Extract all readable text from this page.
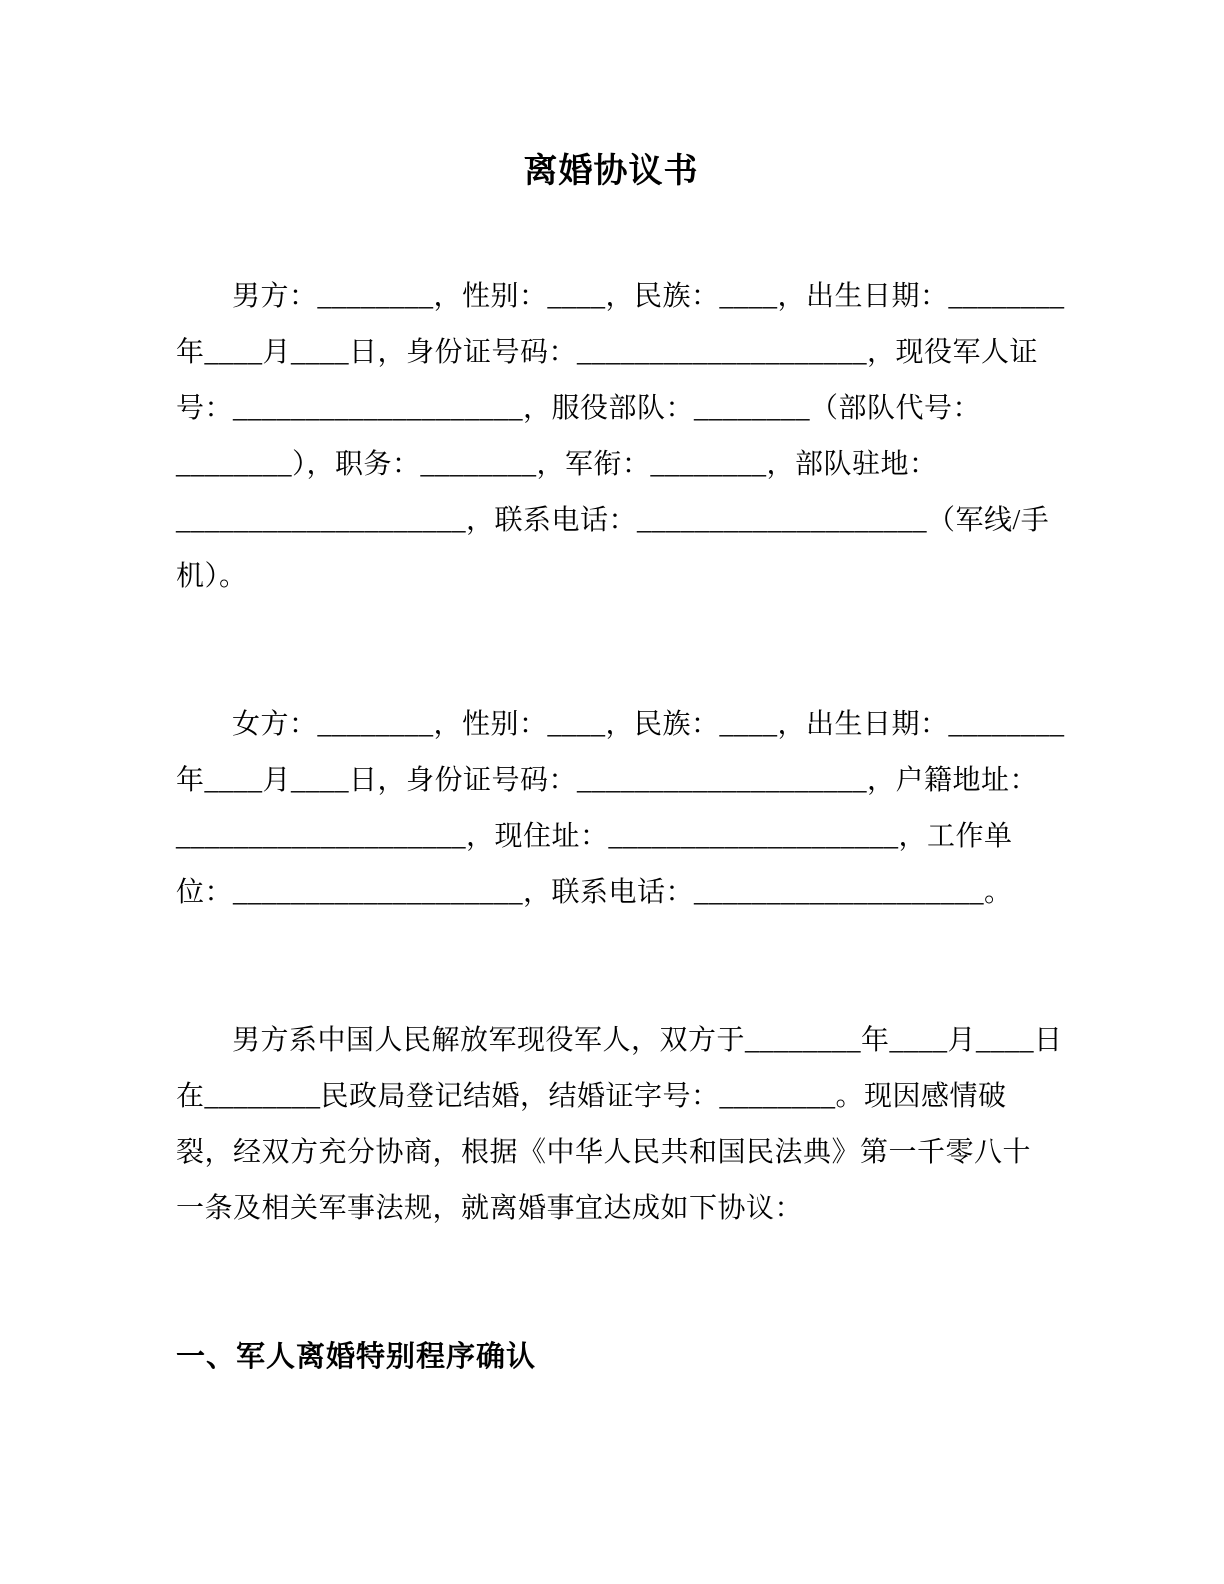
离婚协议书
男方：________，性别：____，民族：____，出生日期：________
年____月____日，身份证号码：____________________，现役军人证
号：____________________，服役部队：________（部队代号：
________），职务：________，军衔：________，部队驻地：
____________________，联系电话：____________________（军线/手
机）。
女方：________，性别：____，民族：____，出生日期：________
年____月____日，身份证号码：____________________，户籍地址：
____________________，现住址：____________________，工作单
位：____________________，联系电话：____________________。
男方系中国人民解放军现役军人，双方于________年____月____日
在________民政局登记结婚，结婚证字号：________。现因感情破
裂，经双方充分协商，根据《中华人民共和国民法典》第一千零八十
一条及相关军事法规，就离婚事宜达成如下协议：
一、军人离婚特别程序确认
